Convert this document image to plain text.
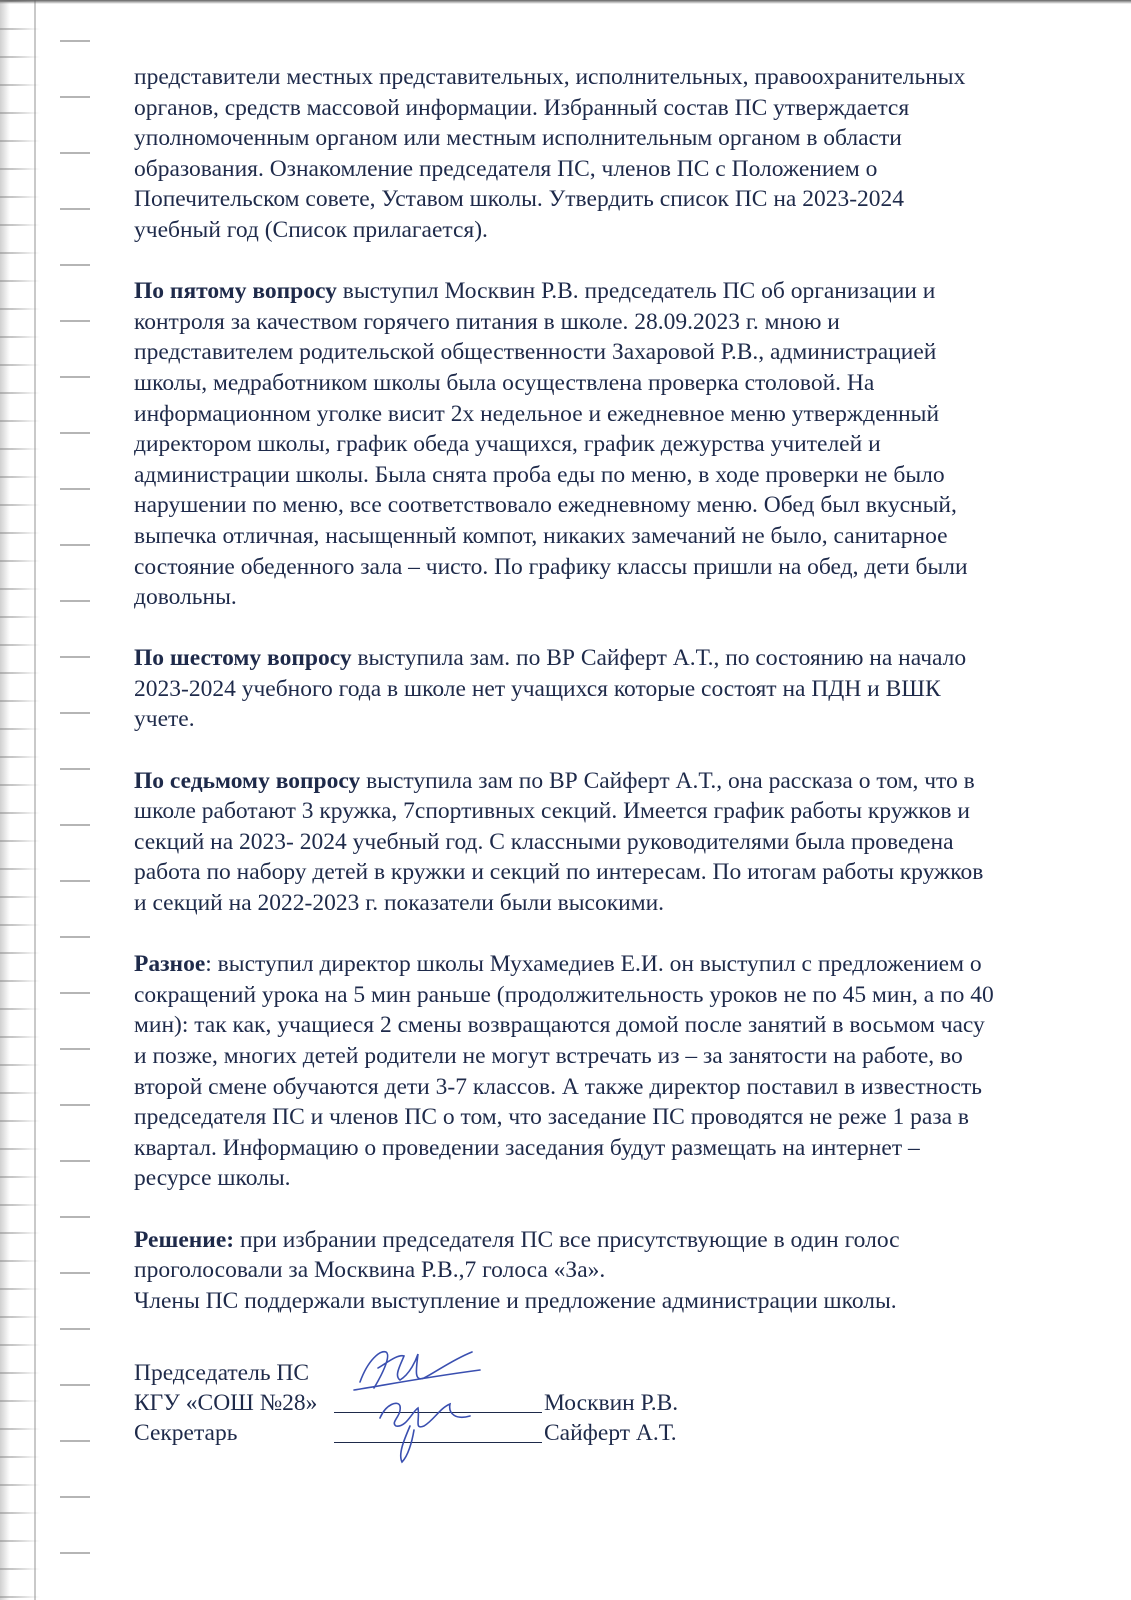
представители местных представительных, исполнительных, правоохранительных
органов, средств массовой информации. Избранный состав ПС утверждается
уполномоченным органом или местным исполнительным органом в области
образования. Ознакомление председателя ПС, членов ПС с Положением о
Попечительском совете, Уставом школы. Утвердить список ПС на 2023-2024
учебный год (Список прилагается).
По пятому вопросу выступил Москвин Р.В. председатель ПС об организации и
контроля за качеством горячего питания в школе. 28.09.2023 г. мною и
представителем родительской общественности Захаровой Р.В., администрацией
школы, медработником школы была осуществлена проверка столовой. На
информационном уголке висит 2х недельное и ежедневное меню утвержденный
директором школы, график обеда учащихся, график дежурства учителей и
администрации школы. Была снята проба еды по меню, в ходе проверки не было
нарушении по меню, все соответствовало ежедневному меню. Обед был вкусный,
выпечка отличная, насыщенный компот, никаких замечаний не было, санитарное
состояние обеденного зала – чисто. По графику классы пришли на обед, дети были
довольны.
По шестому вопросу выступила зам. по ВР Сайферт А.Т., по состоянию на начало
2023-2024 учебного года в школе нет учащихся которые состоят на ПДН и ВШК
учете.
По седьмому вопросу выступила зам по ВР Сайферт А.Т., она рассказа о том, что в
школе работают 3 кружка, 7спортивных секций. Имеется график работы кружков и
секций на 2023- 2024 учебный год. С классными руководителями была проведена
работа по набору детей в кружки и секций по интересам. По итогам работы кружков
и секций на 2022-2023 г. показатели были высокими.
Разное: выступил директор школы Мухамедиев Е.И. он выступил с предложением о
сокращений урока на 5 мин раньше (продолжительность уроков не по 45 мин, а по 40
мин): так как, учащиеся 2 смены возвращаются домой после занятий в восьмом часу
и позже, многих детей родители не могут встречать из – за занятости на работе, во
второй смене обучаются дети 3-7 классов. А также директор поставил в известность
председателя ПС и членов ПС о том, что заседание ПС проводятся не реже 1 раза в
квартал. Информацию о проведении заседания будут размещать на интернет –
ресурсе школы.
Решение: при избрании председателя ПС все присутствующие в один голос
проголосовали за Москвина Р.В.,7 голоса «За».
Члены ПС поддержали выступление и предложение администрации школы.
Председатель ПС
КГУ «СОШ №28»	Москвин Р.В.
Секретарь	Сайферт А.Т.
